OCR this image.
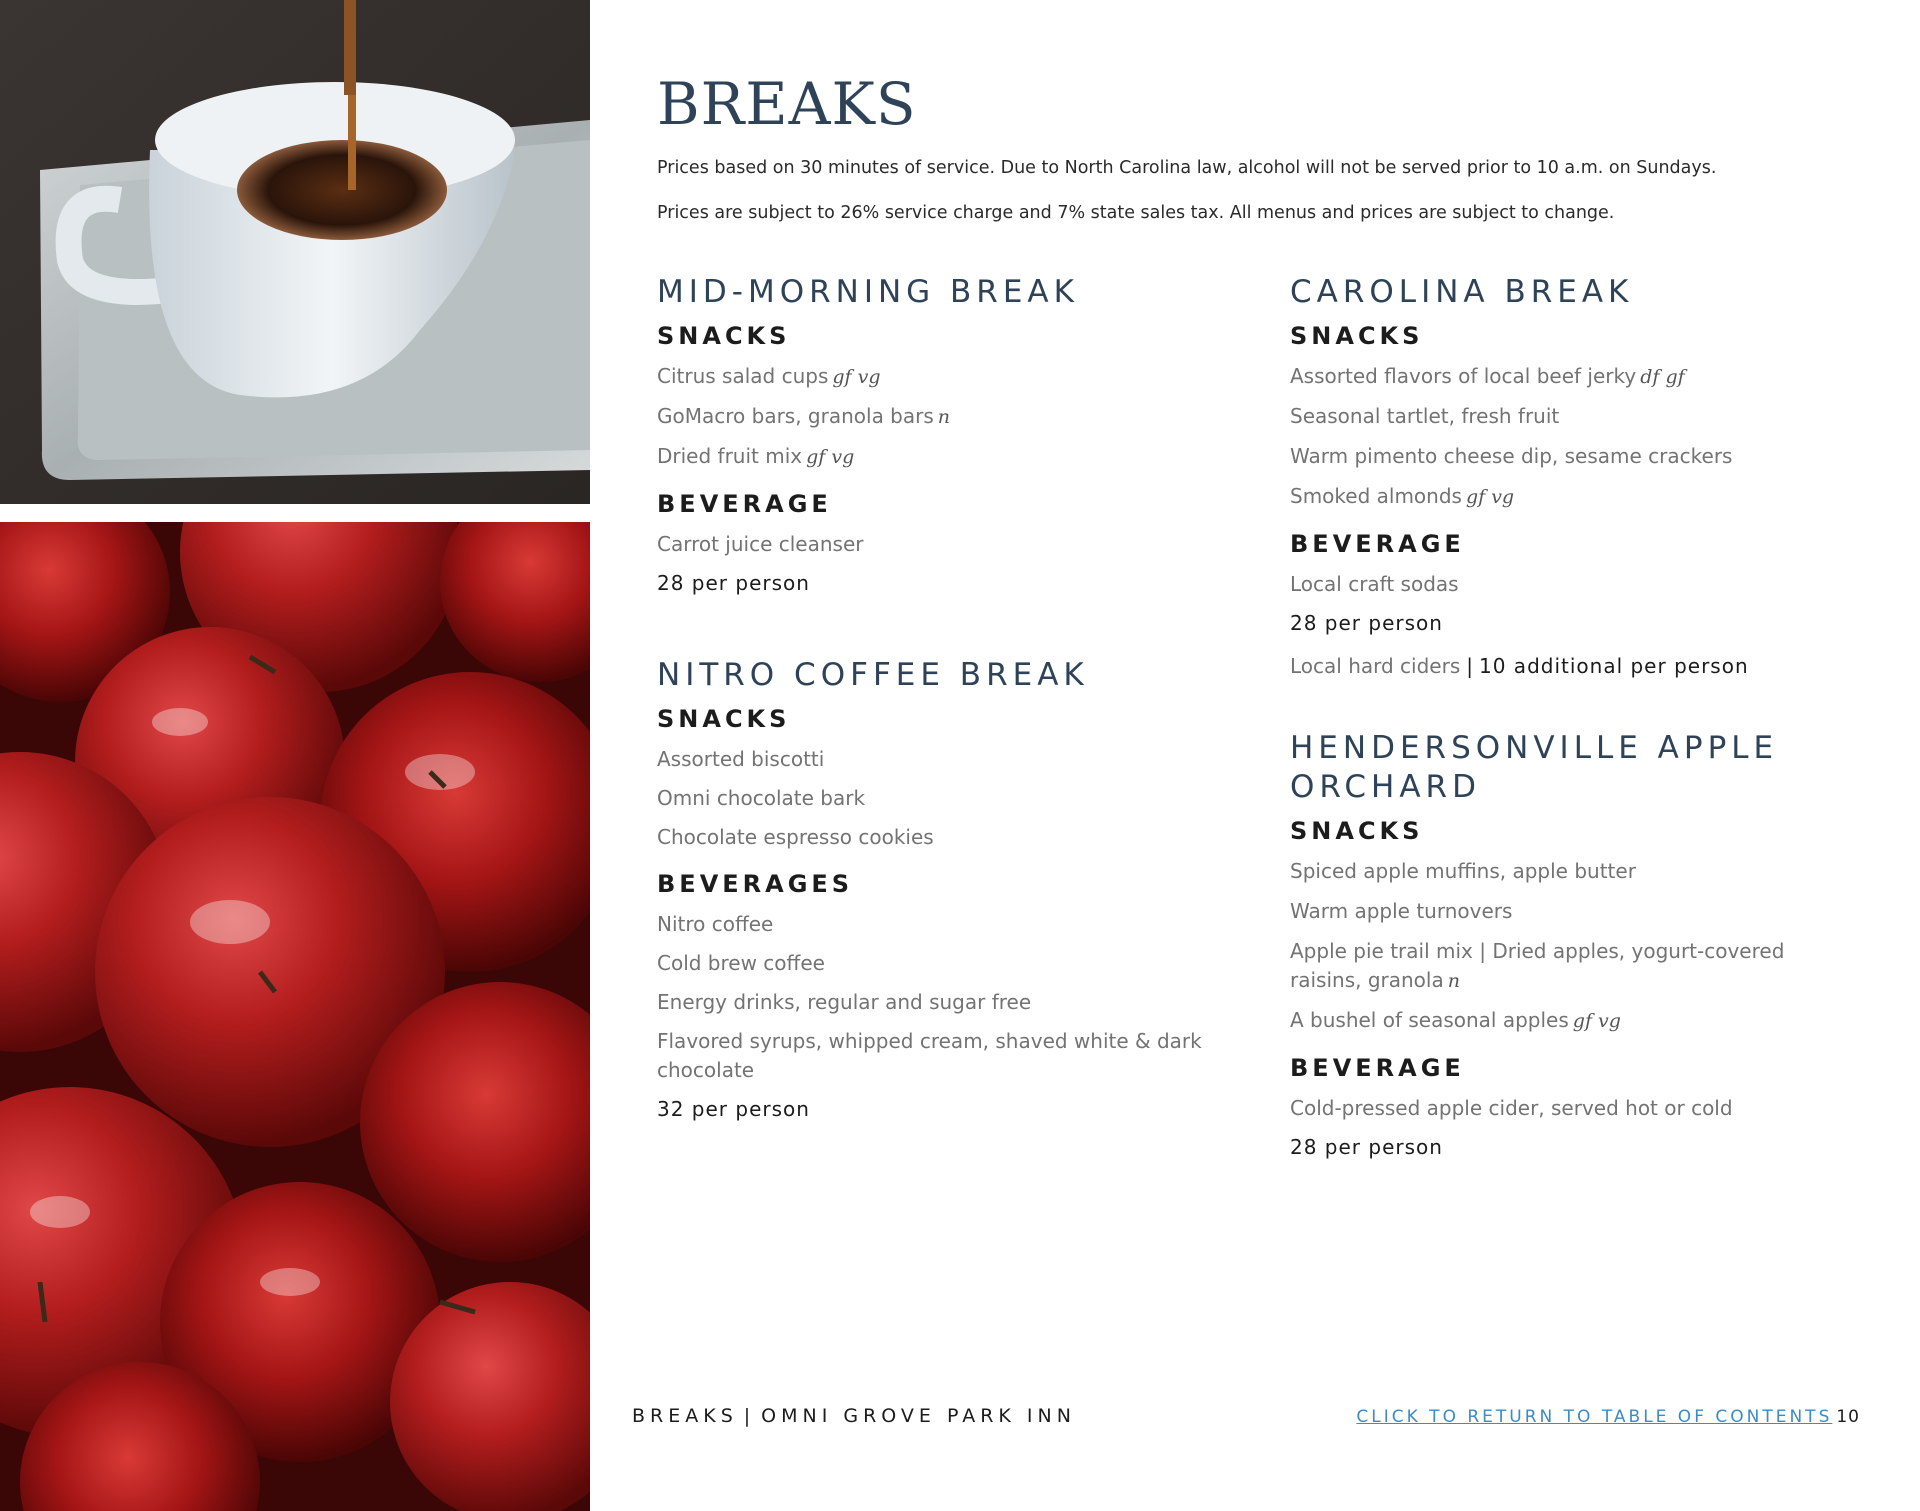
BREAKS

Prices based on 30 minutes of service. Due to North Carolina law, alcohol will not be served prior to 10 a.m. on Sundays.

Prices are subject to 26% service charge and 7% state sales tax. All menus and prices are subject to change.

MID-MORNING BREAK
SNACKS

Citrus salad cups gf vg

GoMacro bars, granola bars n

Dried fruit mix gf vg

BEVERAGE

Carrot juice cleanser

28 per person

NITRO COFFEE BREAK
SNACKS

Assorted biscotti

Omni chocolate bark

Chocolate espresso cookies

BEVERAGES

Nitro coffee

Cold brew coffee

Energy drinks, regular and sugar free

Flavored syrups, whipped cream, shaved white & dark chocolate

32 per person

CAROLINA BREAK
SNACKS

Assorted flavors of local beef jerky df gf

Seasonal tartlet, fresh fruit

Warm pimento cheese dip, sesame crackers

Smoked almonds gf vg

BEVERAGE

Local craft sodas

28 per person

Local hard ciders | 10 additional per person

HENDERSONVILLE APPLE ORCHARD
SNACKS

Spiced apple muffins, apple butter

Warm apple turnovers

Apple pie trail mix | Dried apples, yogurt-covered raisins, granola n

A bushel of seasonal apples gf vg

BEVERAGE

Cold-pressed apple cider, served hot or cold

28 per person

BREAKS | OMNI GROVE PARK INN	CLICK TO RETURN TO TABLE OF CONTENTS 10
